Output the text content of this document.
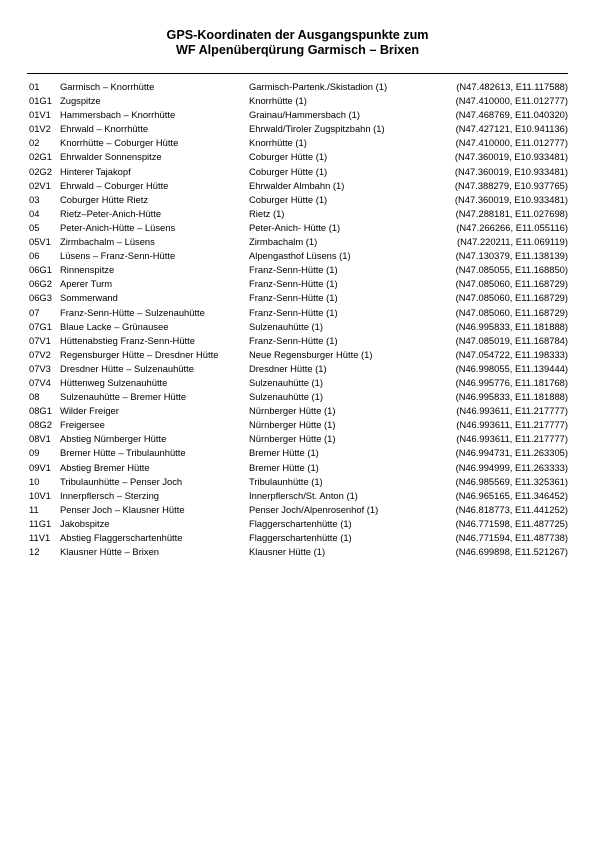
GPS-Koordinaten der Ausgangspunkte zum
WF Alpenüberqürung Garmisch – Brixen
01 Garmisch – Knorrhütte	Garmisch-Partenk./Skistadion (1)	(N47.482613, E11.117588)
01G1 Zugspitze	Knorrhütte (1)	(N47.410000, E11.012777)
01V1 Hammersbach – Knorrhütte	Grainau/Hammersbach (1)	(N47.468769, E11.040320)
01V2 Ehrwald – Knorrhütte	Ehrwald/Tiroler Zugspitzbahn (1)	(N47.427121, E10.941136)
02 Knorrhütte – Coburger Hütte	Knorrhütte (1)	(N47.410000, E11.012777)
02G1 Ehrwalder Sonnenspitze	Coburger Hütte (1)	(N47.360019, E10.933481)
02G2 Hinterer Tajakopf	Coburger Hütte (1)	(N47.360019, E10.933481)
02V1 Ehrwald – Coburger Hütte	Ehrwalder Almbahn (1)	(N47.388279, E10.937765)
03 Coburger Hütte Rietz	Coburger Hütte (1)	(N47.360019, E10.933481)
04 Rietz–Peter-Anich-Hütte	Rietz (1)	(N47.288181, E11.027698)
05 Peter-Anich-Hütte – Lüsens	Peter-Anich- Hütte (1)	(N47.266266, E11.055116)
05V1 Zirmbachalm – Lüsens	Zirmbachalm (1)	(N47.220211, E11.069119)
06 Lüsens – Franz-Senn-Hütte	Alpengasthof Lüsens (1)	(N47.130379, E11.138139)
06G1 Rinnenspitze	Franz-Senn-Hütte (1)	(N47.085055, E11.168850)
06G2 Aperer Turm	Franz-Senn-Hütte (1)	(N47.085060, E11.168729)
06G3 Sommerwand	Franz-Senn-Hütte (1)	(N47.085060, E11.168729)
07 Franz-Senn-Hütte – Sulzenauhütte	Franz-Senn-Hütte (1)	(N47.085060, E11.168729)
07G1 Blaue Lacke – Grünausee	Sulzenauhütte (1)	(N46.995833, E11.181888)
07V1 Hüttenabstieg Franz-Senn-Hütte	Franz-Senn-Hütte (1)	(N47.085019, E11.168784)
07V2 Regensburger Hütte – Dresdner Hütte	Neue Regensburger Hütte (1)	(N47.054722, E11.198333)
07V3 Dresdner Hütte – Sulzenauhütte	Dresdner Hütte (1)	(N46.998055, E11.139444)
07V4 Hüttenweg Sulzenauhütte	Sulzenauhütte (1)	(N46.995776, E11.181768)
08 Sulzenauhütte – Bremer Hütte	Sulzenauhütte (1)	(N46.995833, E11.181888)
08G1 Wilder Freiger	Nürnberger Hütte (1)	(N46.993611, E11.217777)
08G2 Freigersee	Nürnberger Hütte (1)	(N46.993611, E11.217777)
08V1 Abstieg Nürnberger Hütte	Nürnberger Hütte (1)	(N46.993611, E11.217777)
09 Bremer Hütte – Tribulaunhütte	Bremer Hütte (1)	(N46.994731, E11.263305)
09V1 Abstieg Bremer Hütte	Bremer Hütte (1)	(N46.994999, E11.263333)
10 Tribulaunhütte – Penser Joch	Tribulaunhütte (1)	(N46.985569, E11.325361)
10V1 Innerpflersch – Sterzing	Innerpflersch/St. Anton (1)	(N46.965165, E11.346452)
11 Penser Joch – Klausner Hütte	Penser Joch/Alpenrosenhof (1)	(N46.818773, E11.441252)
11G1 Jakobspitze	Flaggerschartenhütte (1)	(N46.771598, E11.487725)
11V1 Abstieg Flaggerschartenhütte	Flaggerschartenhütte (1)	(N46.771594, E11.487738)
12 Klausner Hütte – Brixen	Klausner Hütte (1)	(N46.699898, E11.521267)
